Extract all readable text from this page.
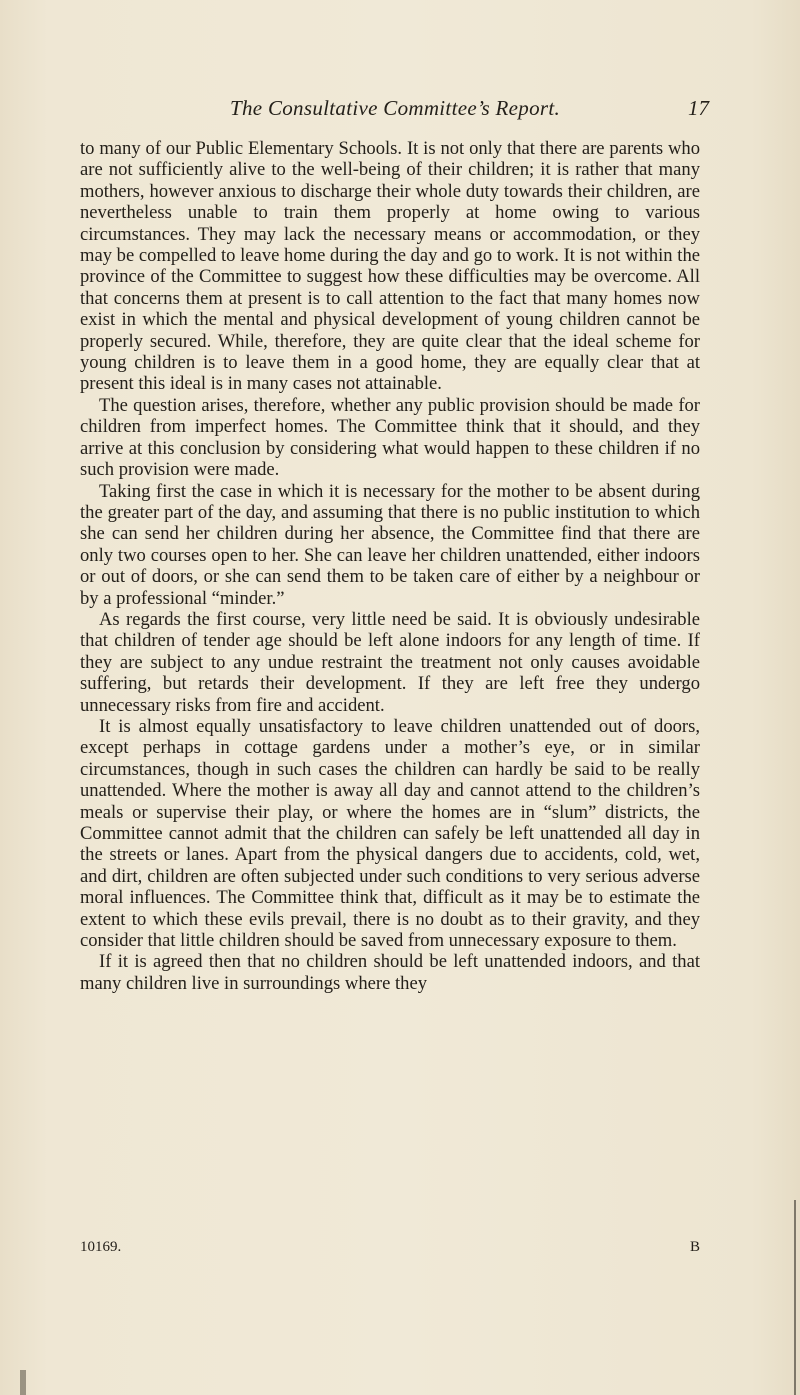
The Consultative Committee’s Report.	17

to many of our Public Elementary Schools. It is not only that there are parents who are not sufficiently alive to the well-being of their children; it is rather that many mothers, however anxious to discharge their whole duty towards their children, are nevertheless unable to train them properly at home owing to various circumstances. They may lack the necessary means or accommodation, or they may be compelled to leave home during the day and go to work. It is not within the province of the Committee to suggest how these difficulties may be overcome. All that concerns them at present is to call attention to the fact that many homes now exist in which the mental and physical development of young children cannot be properly secured. While, therefore, they are quite clear that the ideal scheme for young children is to leave them in a good home, they are equally clear that at present this ideal is in many cases not attainable.

The question arises, therefore, whether any public provision should be made for children from imperfect homes. The Committee think that it should, and they arrive at this conclusion by considering what would happen to these children if no such provision were made.

Taking first the case in which it is necessary for the mother to be absent during the greater part of the day, and assuming that there is no public institution to which she can send her children during her absence, the Committee find that there are only two courses open to her. She can leave her children unattended, either indoors or out of doors, or she can send them to be taken care of either by a neighbour or by a professional “minder.”

As regards the first course, very little need be said. It is obviously undesirable that children of tender age should be left alone indoors for any length of time. If they are subject to any undue restraint the treatment not only causes avoidable suffering, but retards their development. If they are left free they undergo unnecessary risks from fire and accident.

It is almost equally unsatisfactory to leave children unattended out of doors, except perhaps in cottage gardens under a mother’s eye, or in similar circumstances, though in such cases the children can hardly be said to be really unattended. Where the mother is away all day and cannot attend to the children’s meals or supervise their play, or where the homes are in “slum” districts, the Committee cannot admit that the children can safely be left unattended all day in the streets or lanes. Apart from the physical dangers due to accidents, cold, wet, and dirt, children are often subjected under such conditions to very serious adverse moral influences. The Committee think that, difficult as it may be to estimate the extent to which these evils prevail, there is no doubt as to their gravity, and they consider that little children should be saved from unnecessary exposure to them.

If it is agreed then that no children should be left unattended indoors, and that many children live in surroundings where they

10169.	B
